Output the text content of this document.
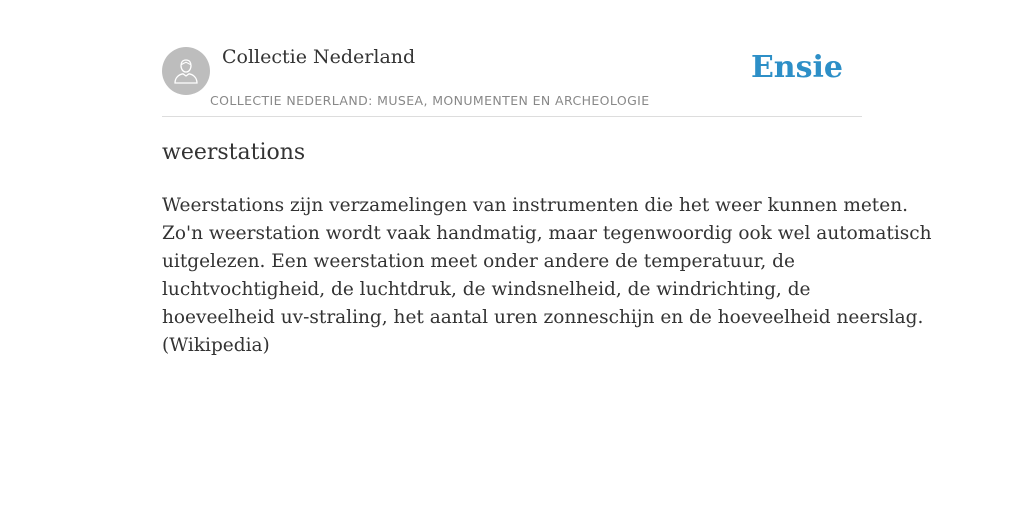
Collectie Nederland
COLLECTIE NEDERLAND: MUSEA, MONUMENTEN EN ARCHEOLOGIE
Ensie
weerstations

Weerstations zijn verzamelingen van instrumenten die het weer kunnen meten.
Zo'n weerstation wordt vaak handmatig, maar tegenwoordig ook wel automatisch
uitgelezen. Een weerstation meet onder andere de temperatuur, de
luchtvochtigheid, de luchtdruk, de windsnelheid, de windrichting, de
hoeveelheid uv-straling, het aantal uren zonneschijn en de hoeveelheid neerslag.
(Wikipedia)
